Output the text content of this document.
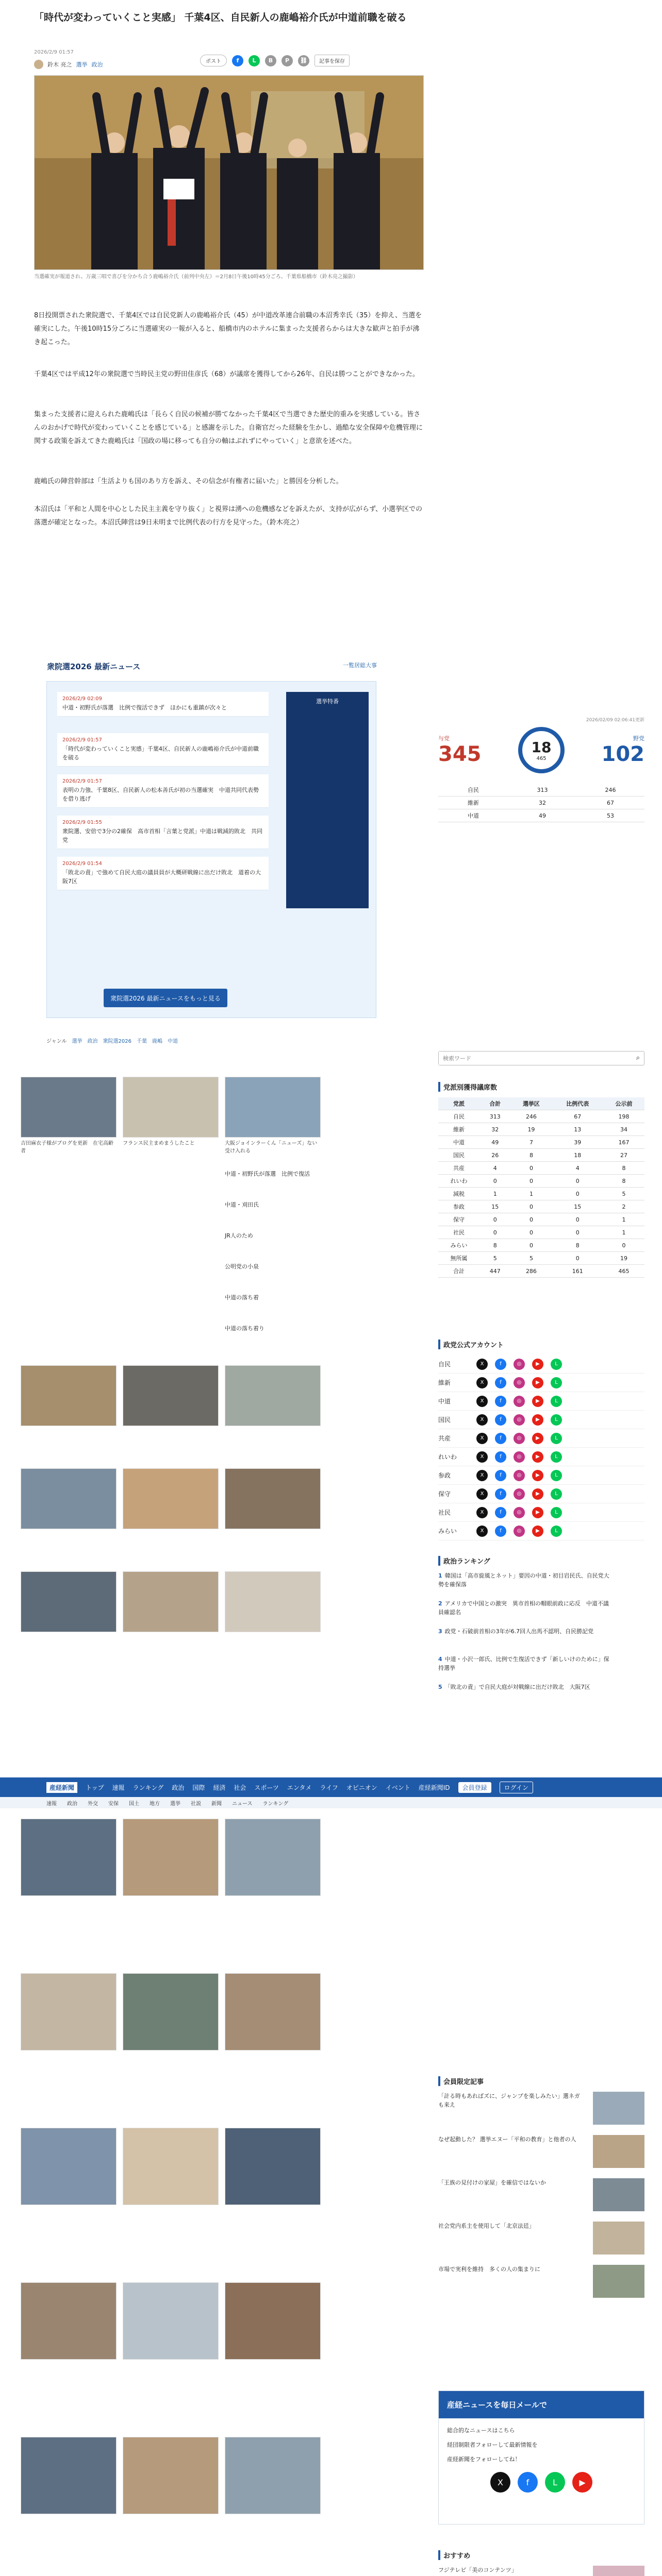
「時代が変わっていくこと実感」 千葉4区、自民新人の鹿嶋裕介氏が中道前職を破る
2026/2/9 01:57
鈴木 亮之 選挙 政治	ポスト	f	L	B	P	⛓	記事を保存
当選確実が報道され、万歳三唱で喜びを分かち合う鹿嶋裕介氏（前列中央左）＝2月8日午後10時45分ごろ、千葉県船橋市（鈴木亮之撮影）

8日投開票された衆院選で、千葉4区では自民党新人の鹿嶋裕介氏（45）が中道改革連合前職の本沼秀幸氏（35）を抑え、当選を確実にした。午後10時15分ごろに当選確実の一報が入ると、船橋市内のホテルに集まった支援者らからは大きな歓声と拍手が沸き起こった。

千葉4区では平成12年の衆院選で当時民主党の野田佳彦氏（68）が議席を獲得してから26年、自民は勝つことができなかった。

集まった支援者に迎えられた鹿嶋氏は「長らく自民の候補が勝てなかった千葉4区で当選できた歴史的重みを実感している。皆さんのおかげで時代が変わっていくことを感じている」と感謝を示した。自衛官だった経験を生かし、過酷な安全保障や危機管理に関する政策を訴えてきた鹿嶋氏は「国政の場に移っても自分の軸はぶれずにやっていく」と意欲を述べた。

鹿嶋氏の陣営幹部は「生活よりも国のあり方を訴え、その信念が有権者に届いた」と勝因を分析した。

本沼氏は「平和と人間を中心とした民主主義を守り抜く」と視界は湧への危機感などを訴えたが、支持が広がらず、小選挙区での落選が確定となった。本沼氏陣営は9日未明まで比例代表の行方を見守った。（鈴木亮之）

衆院選2026 最新ニュース	一覧居総大事
2026/2/9 02:09
中道・初野氏が落選　比例で復活できず　ほかにも重鎮が次々と
2026/2/9 01:57
「時代が変わっていくこと実感」千葉4区、自民新人の鹿嶋裕介氏が中道前職を破る
2026/2/9 01:57
表明の力強、千葉8区、自民新人の松本善氏が初の当選確実　中道共同代表勢を借り逃げ
2026/2/9 01:55
衆院選、安倍で3分の2確保　高市首相「言葉と党派」中道は戦減的敗北　共同党
2026/2/9 01:54
「敗北の責」で強めて自民大庭の議員員が大概研戦線に出だけ敗北　道着の大阪7区
選挙特番
衆院選2026 最新ニュースをもっと見る
2026/02/09 02:06:41更新
与党
345	18
465
野党
102
自民	313	246
維新	32	67
中道	49	53
検索ワード
⌕
党派別獲得議席数
党派	合計	選挙区	比例代表	公示前
自民	313	246	67	198
維新	32	19	13	34
中道	49	7	39	167
国民	26	8	18	27
共産	4	0	4	8
れいわ	0	0	0	8
減税	1	1	0	5
参政	15	0	15	2
保守	0	0	0	1
社民	0	0	0	1
みらい	8	0	8	0
無所属	5	5	0	19
合計	447	286	161	465
政党公式アカウント
自民	X	f	◎	▶	L
維新	X	f	◎	▶	L
中道	X	f	◎	▶	L
国民	X	f	◎	▶	L
共産	X	f	◎	▶	L
れいわ	X	f	◎	▶	L
参政	X	f	◎	▶	L
保守	X	f	◎	▶	L
社民	X	f	◎	▶	L
みらい	X	f	◎	▶	L
政治ランキング
1 韓国は「高市旋風とネット」要因の中道・初目岩民氏、自民党大勢を確保落
2 アメリカで中国との激突　異市首相の帽眼前政に応反　中道不議員確認名
3 政党・石破前首相の3年が6.7回人出馬不認明、自民勝記党
4 中道・小沢一郎氏、比例で生復活できず「新しいけのために」保持選挙
5 「敗北の責」で自民大庭が対戦線に出だけ敗北　大阪7区
ジャンル 選挙 政治 衆院選2026 千葉 鹿嶋 中道
吉田麻衣子様がブログを更新　在宅高齢者
フランス民主まめまうしたこと	大阪ジョインラーくん「ニューズ」ない受け入れる
中道・初野氏が落選　比例で復活
中道・刈田氏
JR人のため
公明党の小泉
中道の落ち着
中道の落ち着り
産経新聞	トップ 速報 ランキング 政治 国際 経済 社会 スポーツ エンタメ ライフ オピニオン イベント 産経新聞ID	会員登録	ログイン
速報 政治 外交 安保 国土 地方 選挙 社説 新聞 ニュース ランキング
会員限定記事
「計る時もあればズに、ジャンプを楽しみたい」選ネガも来え
なぜ起動した？ 選挙エヌー「平和の教育」と他者の人
「王族の見付けの家屋」を確信ではないか
社会党内系主を使用して「北京法廷」
市場で実利を維持　多くの人の集まりに
産経ニュースを毎日メールで
総合的なニュースはこちら
経団制限者フォローして最新情報を
産経新聞をフォローしてね！
X	f	L	▶
おすすめ
フジテレビ「美のコンテンツ」
